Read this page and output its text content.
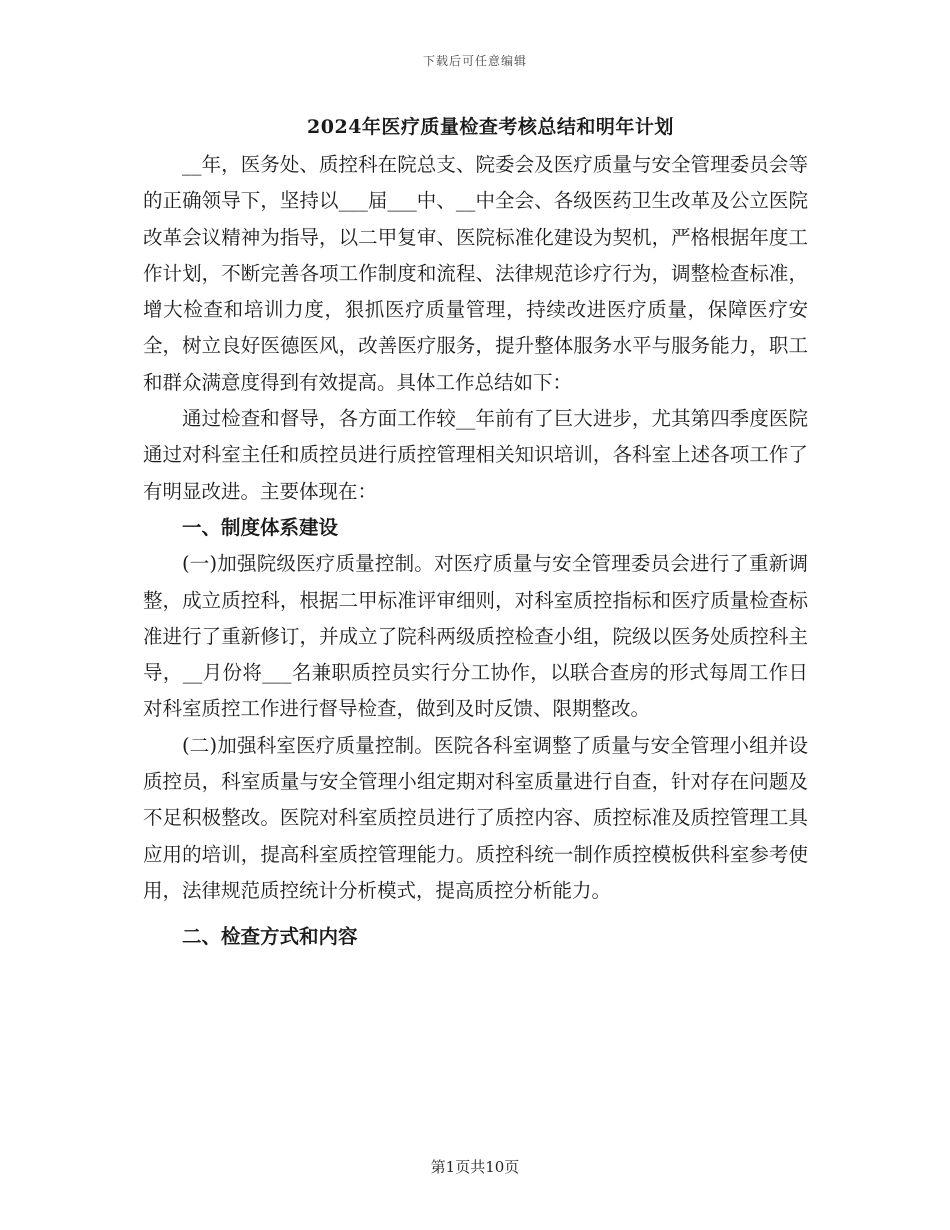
下载后可任意编辑
2024年医疗质量检查考核总结和明年计划

__年，医务处、质控科在院总支、院委会及医疗质量与安全管理委员会等的正确领导下，坚持以___届___中、__中全会、各级医药卫生改革及公立医院改革会议精神为指导，以二甲复审、医院标准化建设为契机，严格根据年度工作计划，不断完善各项工作制度和流程、法律规范诊疗行为，调整检查标准，增大检查和培训力度，狠抓医疗质量管理，持续改进医疗质量，保障医疗安全，树立良好医德医风，改善医疗服务，提升整体服务水平与服务能力，职工和群众满意度得到有效提高。具体工作总结如下：

通过检查和督导，各方面工作较__年前有了巨大进步，尤其第四季度医院通过对科室主任和质控员进行质控管理相关知识培训，各科室上述各项工作了有明显改进。主要体现在：

一、制度体系建设

(一)加强院级医疗质量控制。对医疗质量与安全管理委员会进行了重新调整，成立质控科，根据二甲标准评审细则，对科室质控指标和医疗质量检查标准进行了重新修订，并成立了院科两级质控检查小组，院级以医务处质控科主导，__月份将___名兼职质控员实行分工协作，以联合查房的形式每周工作日对科室质控工作进行督导检查，做到及时反馈、限期整改。

(二)加强科室医疗质量控制。医院各科室调整了质量与安全管理小组并设质控员，科室质量与安全管理小组定期对科室质量进行自查，针对存在问题及不足积极整改。医院对科室质控员进行了质控内容、质控标准及质控管理工具应用的培训，提高科室质控管理能力。质控科统一制作质控模板供科室参考使用，法律规范质控统计分析模式，提高质控分析能力。

二、检查方式和内容
第1页共10页
